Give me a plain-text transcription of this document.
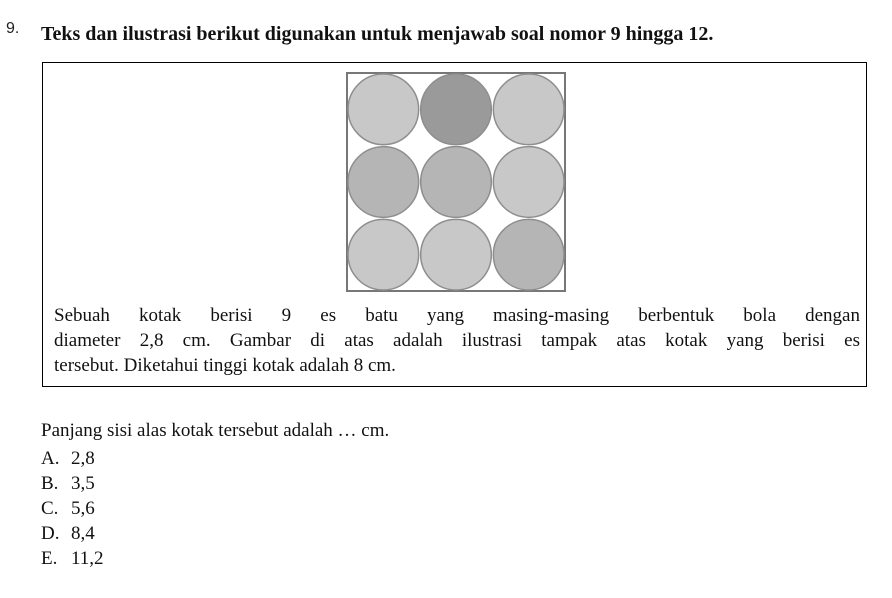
9. Teks dan ilustrasi berikut digunakan untuk menjawab soal nomor 9 hingga 12.
Sebuah kotak berisi 9 es batu yang masing-masing berbentuk bola dengan
diameter 2,8 cm. Gambar di atas adalah ilustrasi tampak atas kotak yang berisi es
tersebut. Diketahui tinggi kotak adalah 8 cm.
Panjang sisi alas kotak tersebut adalah … cm.
A. 2,8
B. 3,5
C. 5,6
D. 8,4
E. 11,2
